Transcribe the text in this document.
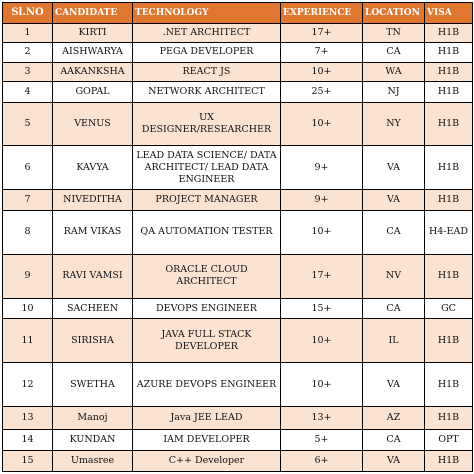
Sl.NO	CANDIDATE	TECHNOLOGY	EXPERIENCE	LOCATION	VISA
1	KIRTI	.NET ARCHITECT	17+	TN	H1B
2	AISHWARYA	PEGA DEVELOPER	7+	CA	H1B
3	AAKANKSHA	REACT JS	10+	WA	H1B
4	GOPAL	NETWORK ARCHITECT	25+	NJ	H1B
5	VENUS	UX DESIGNER/RESEARCHER	10+	NY	H1B
6	KAVYA	LEAD DATA SCIENCE/ DATA ARCHITECT/ LEAD DATA ENGINEER	9+	VA	H1B
7	NIVEDITHA	PROJECT MANAGER	9+	VA	H1B
8	RAM VIKAS	QA AUTOMATION TESTER	10+	CA	H4-EAD
9	RAVI VAMSI	ORACLE CLOUD ARCHITECT	17+	NV	H1B
10	SACHEEN	DEVOPS ENGINEER	15+	CA	GC
11	SIRISHA	JAVA FULL STACK DEVELOPER	10+	IL	H1B
12	SWETHA	AZURE DEVOPS ENGINEER	10+	VA	H1B
13	Manoj	Java JEE LEAD	13+	AZ	H1B
14	KUNDAN	IAM DEVELOPER	5+	CA	OPT
15	Umasree	C++ Developer	6+	VA	H1B
